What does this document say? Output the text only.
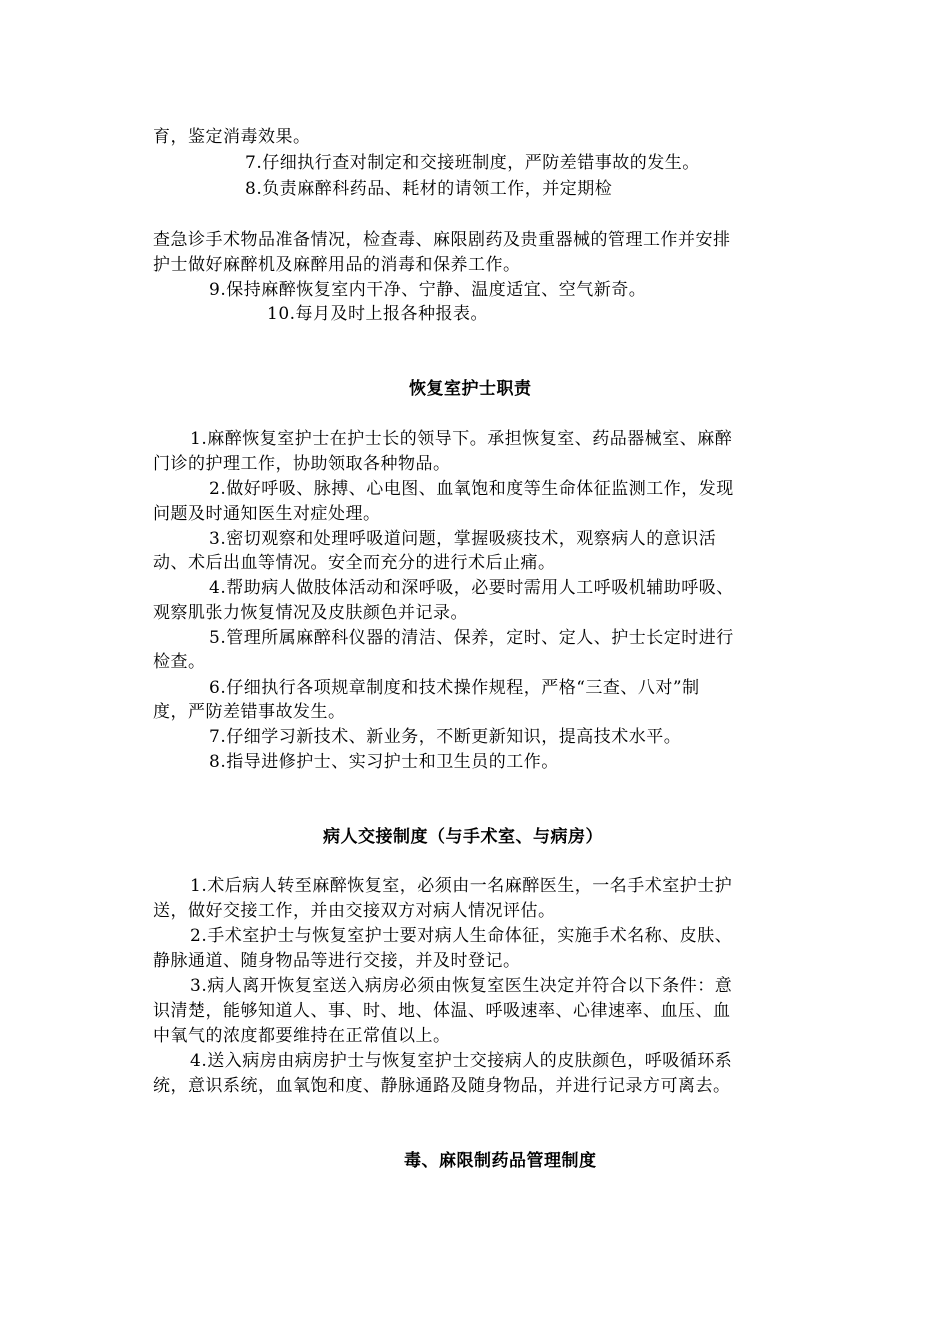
育，鉴定消毒效果。
7.仔细执行查对制定和交接班制度，严防差错事故的发生。
8.负责麻醉科药品、耗材的请领工作，并定期检
查急诊手术物品准备情况，检查毒、麻限剧药及贵重器械的管理工作并安排
护士做好麻醉机及麻醉用品的消毒和保养工作。
9.保持麻醉恢复室内干净、宁静、温度适宜、空气新奇。
10.每月及时上报各种报表。
恢复室护士职责
1.麻醉恢复室护士在护士长的领导下。承担恢复室、药品器械室、麻醉
门诊的护理工作，协助领取各种物品。
2.做好呼吸、脉搏、心电图、血氧饱和度等生命体征监测工作，发现
问题及时通知医生对症处理。
3.密切观察和处理呼吸道问题，掌握吸痰技术，观察病人的意识活
动、术后出血等情况。安全而充分的进行术后止痛。
4.帮助病人做肢体活动和深呼吸，必要时需用人工呼吸机辅助呼吸、
观察肌张力恢复情况及皮肤颜色并记录。
5.管理所属麻醉科仪器的清洁、保养，定时、定人、护士长定时进行
检查。
6.仔细执行各项规章制度和技术操作规程，严格“三查、八对”制
度，严防差错事故发生。
7.仔细学习新技术、新业务，不断更新知识，提高技术水平。
8.指导进修护士、实习护士和卫生员的工作。
病人交接制度（与手术室、与病房）
1.术后病人转至麻醉恢复室，必须由一名麻醉医生，一名手术室护士护
送，做好交接工作，并由交接双方对病人情况评估。
2.手术室护士与恢复室护士要对病人生命体征，实施手术名称、皮肤、
静脉通道、随身物品等进行交接，并及时登记。
3.病人离开恢复室送入病房必须由恢复室医生决定并符合以下条件：意
识清楚，能够知道人、事、时、地、体温、呼吸速率、心律速率、血压、血
中氧气的浓度都要维持在正常值以上。
4.送入病房由病房护士与恢复室护士交接病人的皮肤颜色，呼吸循环系
统，意识系统，血氧饱和度、静脉通路及随身物品，并进行记录方可离去。
毒、麻限制药品管理制度
